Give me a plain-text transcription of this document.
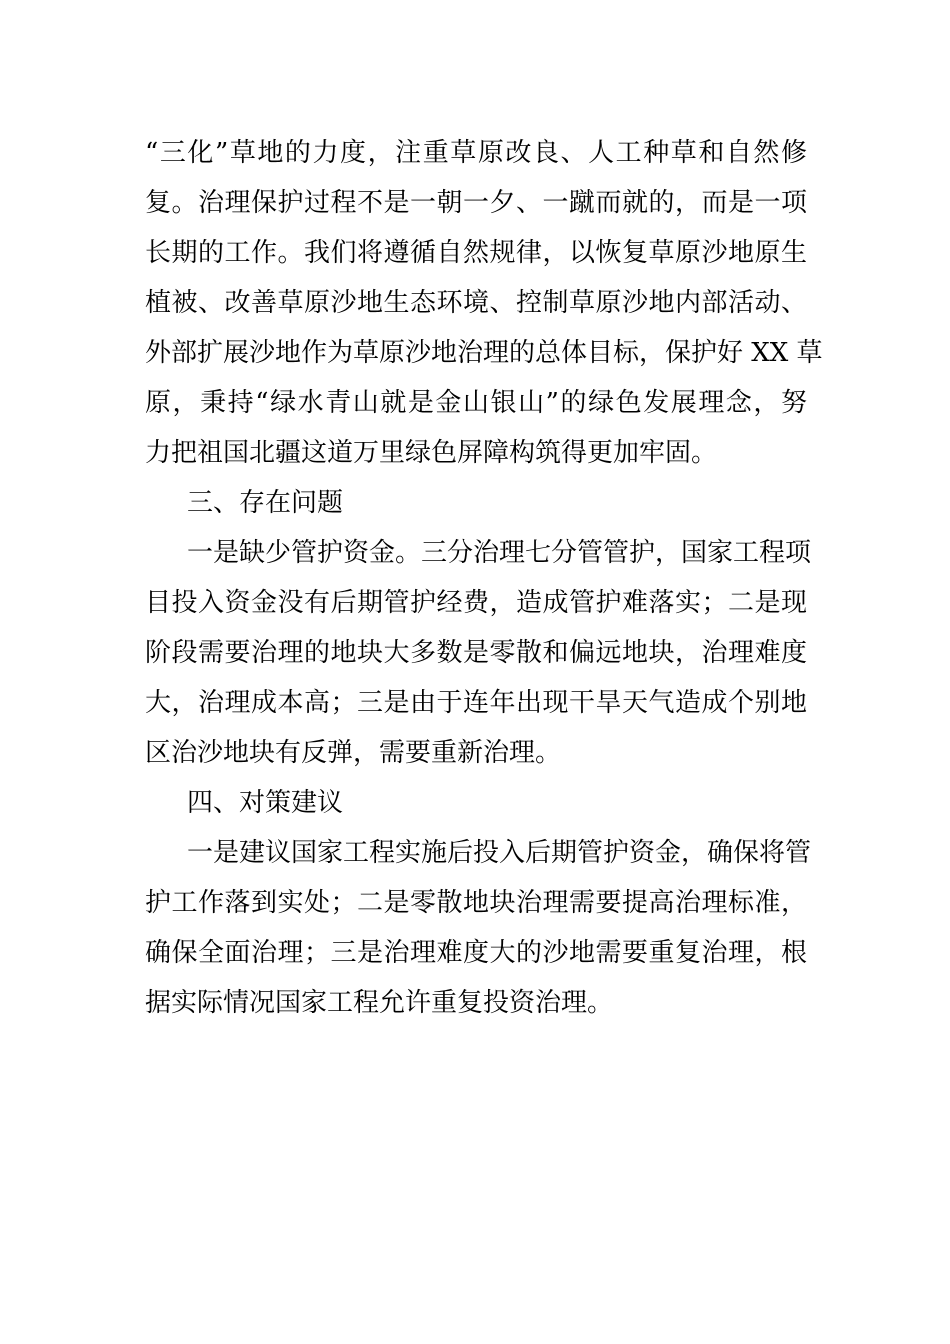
“三化”草地的力度，注重草原改良、人工种草和自然修
复。治理保护过程不是一朝一夕、一蹴而就的，而是一项
长期的工作。我们将遵循自然规律，以恢复草原沙地原生
植被、改善草原沙地生态环境、控制草原沙地内部活动、
外部扩展沙地作为草原沙地治理的总体目标，保护好 XX 草
原，秉持“绿水青山就是金山银山”的绿色发展理念，努
力把祖国北疆这道万里绿色屏障构筑得更加牢固。
三、存在问题
一是缺少管护资金。三分治理七分管管护，国家工程项
目投入资金没有后期管护经费，造成管护难落实；二是现
阶段需要治理的地块大多数是零散和偏远地块，治理难度
大，治理成本高；三是由于连年出现干旱天气造成个别地
区治沙地块有反弹，需要重新治理。
四、对策建议
一是建议国家工程实施后投入后期管护资金，确保将管
护工作落到实处；二是零散地块治理需要提高治理标准，
确保全面治理；三是治理难度大的沙地需要重复治理，根
据实际情况国家工程允许重复投资治理。
